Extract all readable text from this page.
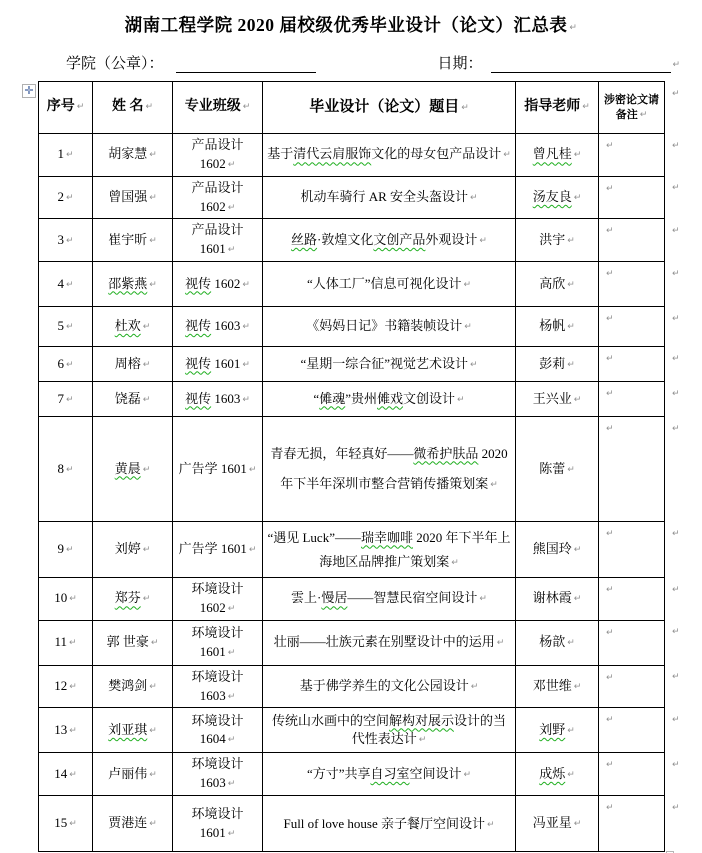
湖南工程学院 2020 届校级优秀毕业设计（论文）汇总表 ↵
学院（公章）：	日期：	↵
✛
序号 ↵	姓 名 ↵	专业班级 ↵	毕业设计（论文）题目 ↵	指导老师 ↵	涉密论文请备注 ↵	↵
1 ↵	胡家慧 ↵	产品设计 1602 ↵	基于清代云肩服饰文化的母女包产品设计 ↵	曾凡桂 ↵	↵	↵
2 ↵	曾国强 ↵	产品设计 1602 ↵	机动车骑行 AR 安全头盔设计 ↵	汤友良 ↵	↵	↵
3 ↵	崔宇昕 ↵	产品设计 1601 ↵	丝路·敦煌文化文创产品外观设计 ↵	洪宇 ↵	↵	↵
4 ↵	邵紫燕 ↵	视传 1602 ↵	“人体工厂”信息可视化设计 ↵	高欣 ↵	↵	↵
5 ↵	杜欢 ↵	视传 1603 ↵	《妈妈日记》书籍装帧设计 ↵	杨帆 ↵	↵	↵
6 ↵	周榕 ↵	视传 1601 ↵	“星期一综合征”视觉艺术设计 ↵	彭莉 ↵	↵	↵
7 ↵	饶磊 ↵	视传 1603 ↵	“傩魂”贵州傩戏文创设计 ↵	王兴业 ↵	↵	↵
8 ↵	黄晨 ↵	广告学 1601 ↵	青春无损，年轻真好——微希护肤品 2020 年下半年深圳市整合营销传播策划案 ↵	陈蕾 ↵	↵	↵
9 ↵	刘婷 ↵	广告学 1601 ↵	“遇见 Luck”——瑞幸咖啡 2020 年下半年上海地区品牌推广策划案 ↵	熊国玲 ↵	↵	↵
10 ↵	郑芬 ↵	环境设计 1602 ↵	雲上·慢居——智慧民宿空间设计 ↵	谢林霞 ↵	↵	↵
11 ↵	郭 世豪 ↵	环境设计 1601 ↵	壮丽——壮族元素在别墅设计中的运用 ↵	杨歆 ↵	↵	↵
12 ↵	樊鸿剑 ↵	环境设计 1603 ↵	基于佛学养生的文化公园设计 ↵	邓世维 ↵	↵	↵
13 ↵	刘亚琪 ↵	环境设计 1604 ↵	传统山水画中的空间解构对展示设计的当代性表达计 ↵	刘野 ↵	↵	↵
14 ↵	卢丽伟 ↵	环境设计 1603 ↵	“方寸”共享自习室空间设计 ↵	成烁 ↵	↵	↵
15 ↵	贾港连 ↵	环境设计 1601 ↵	Full of love house 亲子餐厅空间设计 ↵	冯亚星 ↵	↵	↵
